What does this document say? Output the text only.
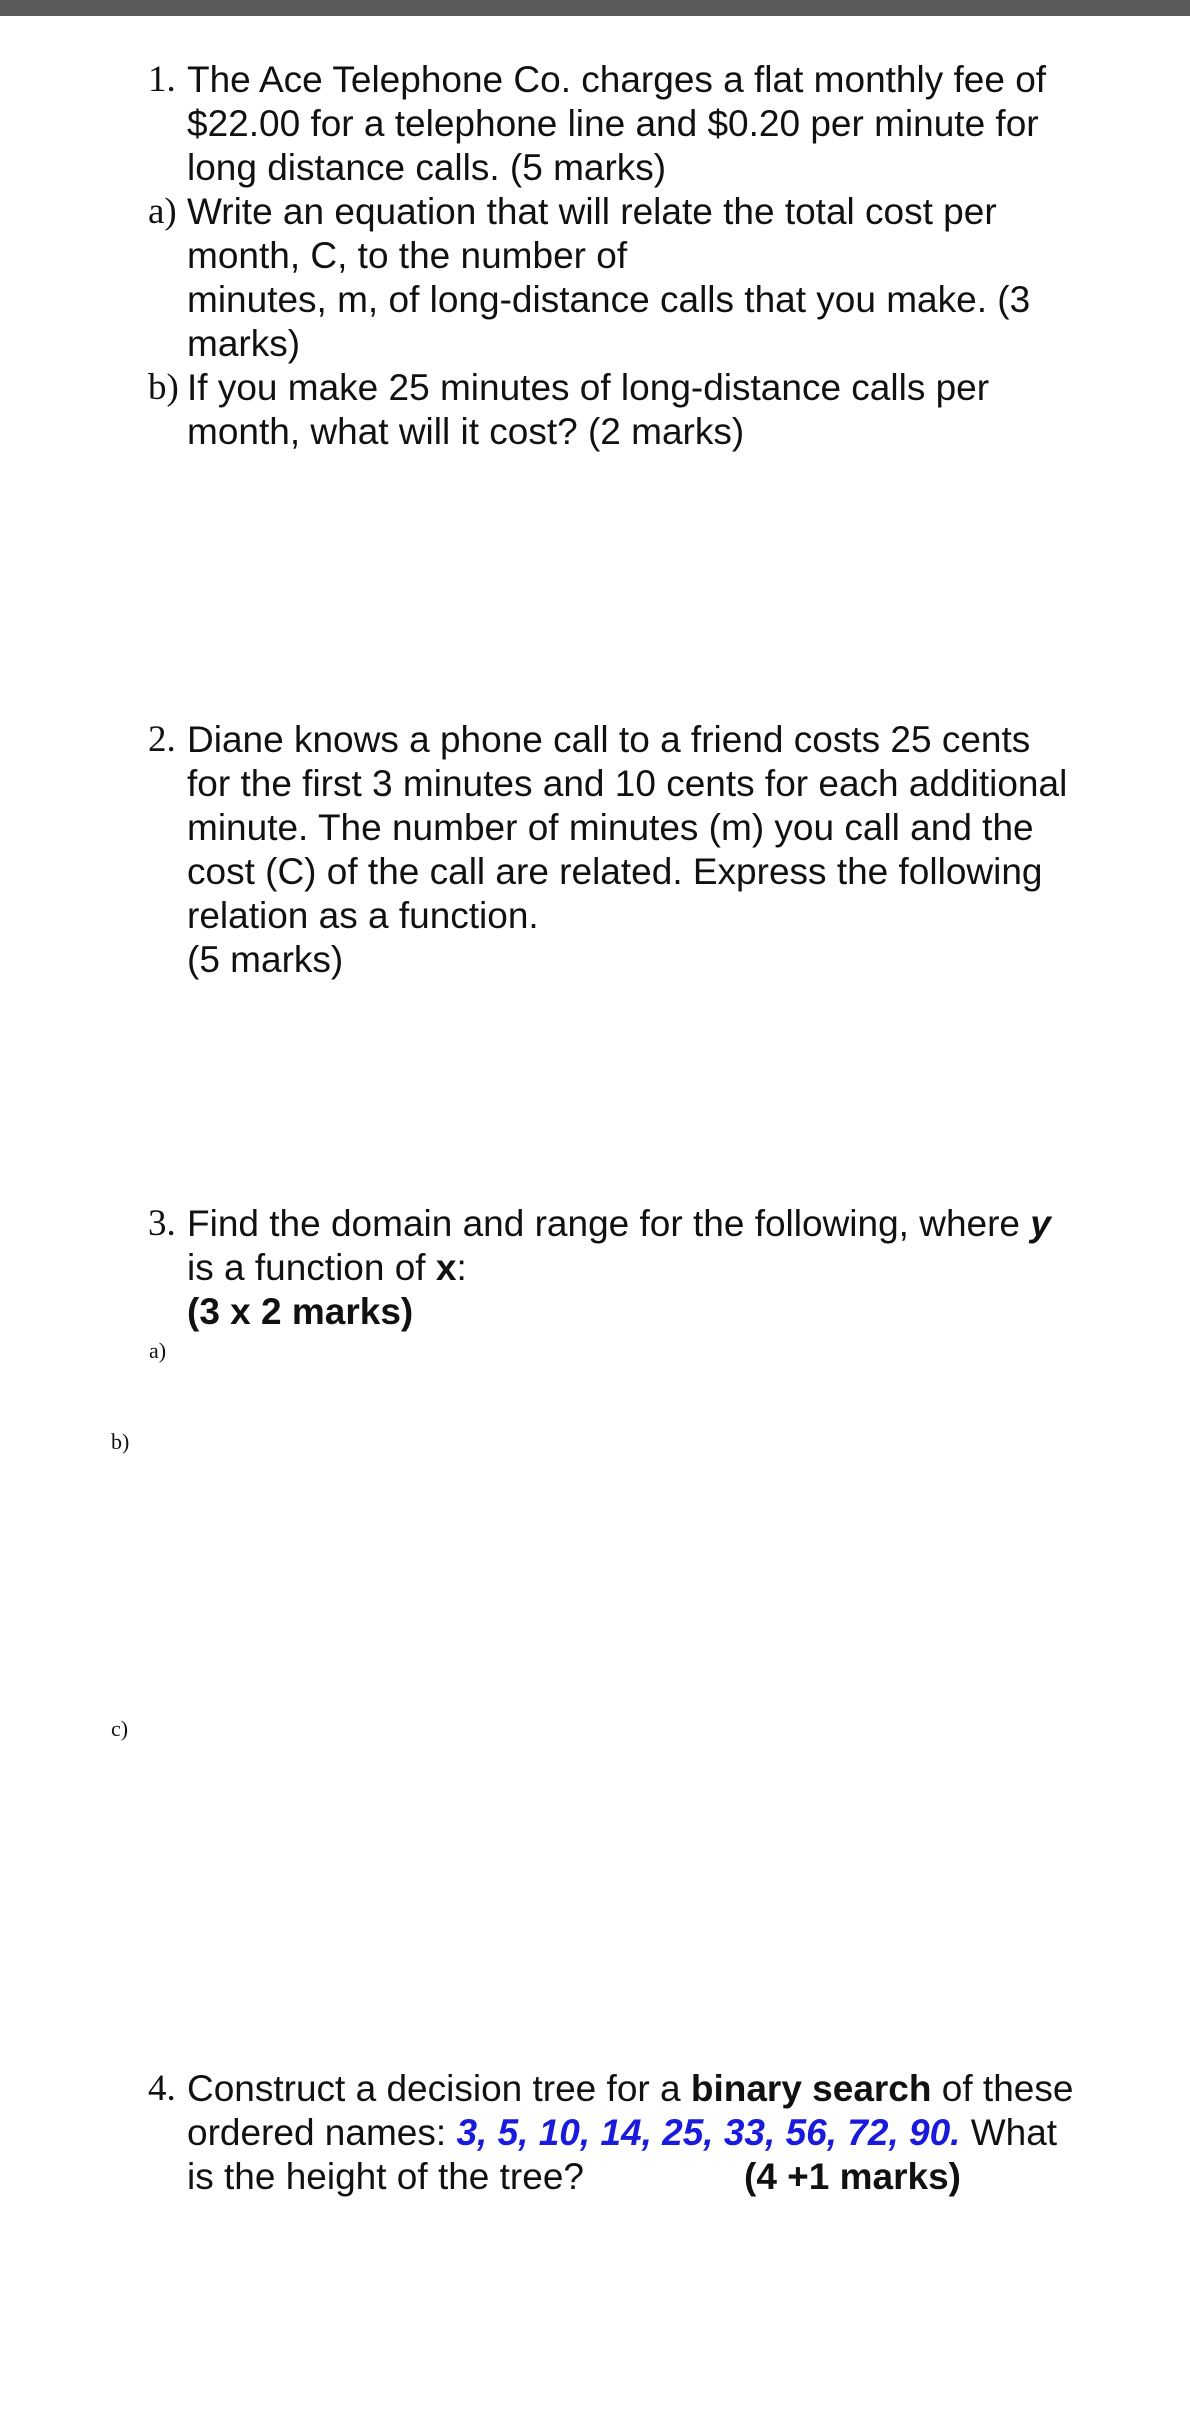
1. The Ace Telephone Co. charges a flat monthly fee of
$22.00 for a telephone line and $0.20 per minute for
long distance calls. (5 marks)
a) Write an equation that will relate the total cost per
month, C, to the number of
minutes, m, of long-distance calls that you make. (3
marks)
b) If you make 25 minutes of long-distance calls per
month, what will it cost? (2 marks)
2. Diane knows a phone call to a friend costs 25 cents
for the first 3 minutes and 10 cents for each additional
minute. The number of minutes (m) you call and the
cost (C) of the call are related. Express the following
relation as a function.
(5 marks)
3. Find the domain and range for the following, where y
is a function of x:
(3 x 2 marks)
a)
b)
c)
4. Construct a decision tree for a binary search of these
ordered names: 3, 5, 10, 14, 25, 33, 56, 72, 90. What
is the height of the tree?	(4 +1 marks)
